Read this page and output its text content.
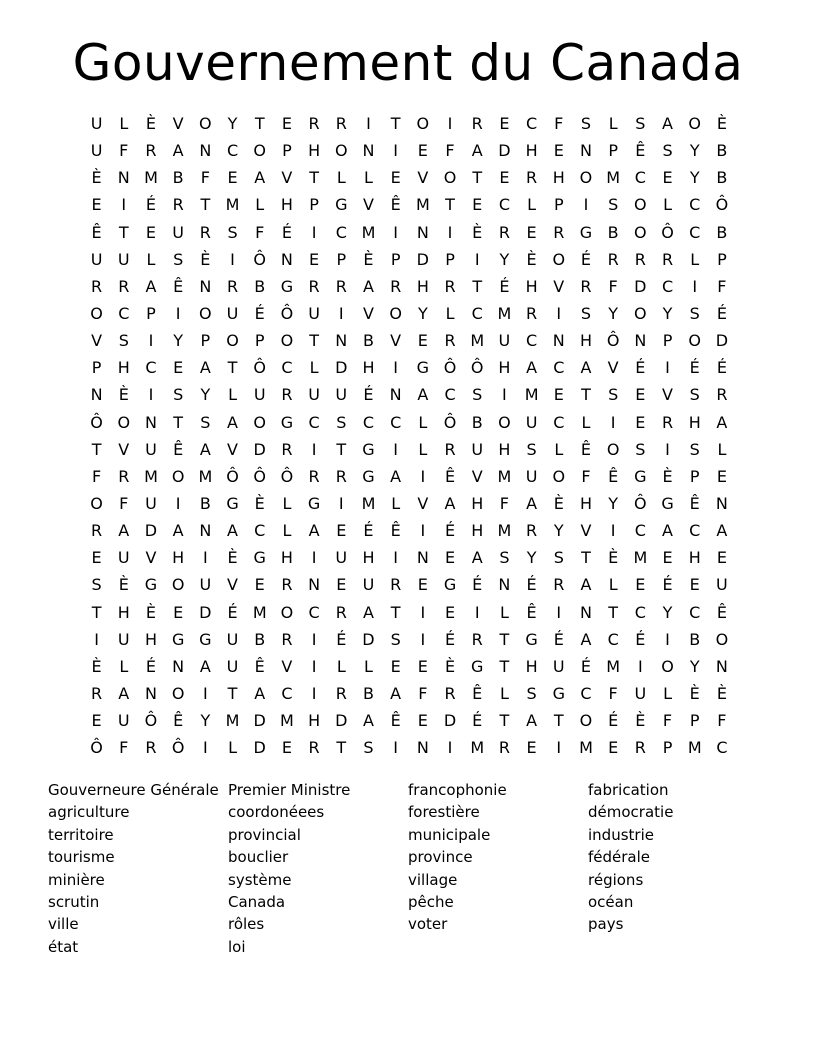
Gouvernement du Canada
U	L	È	V O	Y	T	E	R	R	I	T	O	I	R	E	C	F	S	L	S	A O È
U	F	R	A N C O	P	H O N	I	E	F	A D H	E	N	P	Ê	S	Y	B
È	N M B	F	E	A	V	T	L	L	E	V O	T	E	R H O M C	E	Y	B
E	I	É	R	T M L	H	P	G V	Ê M T	E	C	L	P	I	S O	L	C Ô
Ê	T	E	U R	S	F	É	I	C M	I	N	I	È	R	E	R G B O Ô C	B
U U	L	S	È	I	Ô N	E	P	È	P	D	P	I	Y	È O É	R	R	R	L	P
R	R	A	Ê	N R	B G R	R	A	R H R	T	É	H V	R	F	D C	I	F
O C	P	I	O U	É Ô U	I	V O	Y	L	C M R	I	S	Y	O	Y	S	É
V	S	I	Y	P	O	P	O	T	N B	V	E	R M U C N H Ô N	P	O D
P	H C	E	A	T	Ô C	L	D H	I	G Ô Ô H A	C	A	V	É	I	É	É
N	È	I	S	Y	L	U R U U	É	N A	C	S	I	M E	T	S	E	V	S	R
Ô O N	T	S	A O G C	S	C	C	L	Ô B O U C	L	I	E	R H A
T	V U	Ê	A	V D R	I	T	G	I	L	R U H	S	L	Ê O S	I	S	L
F	R M O M Ô Ô Ô R	R G A	I	Ê	V M U O	F	Ê G È	P	E
O	F	U	I	B G È	L	G	I	M L	V	A H	F	A	È	H	Y	Ô G Ê	N
R	A D A N A	C	L	A	E	É	Ê	I	É	H M R	Y	V	I	C	A	C	A
E	U V H	I	È G H	I	U H	I	N	E	A	S	Y	S	T	È M E	H	E
S	È G O U V	E	R N	E	U R	E G É	N	É	R	A	L	E	É	E	U
T	H	È	E D É M O C	R	A	T	I	E	I	L	Ê	I	N	T	C	Y	C	Ê
I	U H G G U B	R	I	É D S	I	É	R	T	G É	A	C	É	I	B O
È	L	É	N A U	Ê	V	I	L	L	E	E	È G	T	H U	É M	I	O	Y	N
R	A N O	I	T	A	C	I	R	B	A	F	R	Ê	L	S G C	F	U	L	È	È
E	U Ô Ê	Y M D M H D A	Ê	E D É	T	A	T	O É	È	F	P	F
Ô	F	R Ô	I	L	D E	R	T	S	I	N	I	M R	E	I	M E	R	P M C
Gouverneure Générale
agriculture
territoire
tourisme
minière
scrutin
ville
état
Premier Ministre
coordonéees
provincial
bouclier
système
Canada
rôles
loi
francophonie
forestière
municipale
province
village
pêche
voter
fabrication
démocratie
industrie
fédérale
régions
océan
pays
